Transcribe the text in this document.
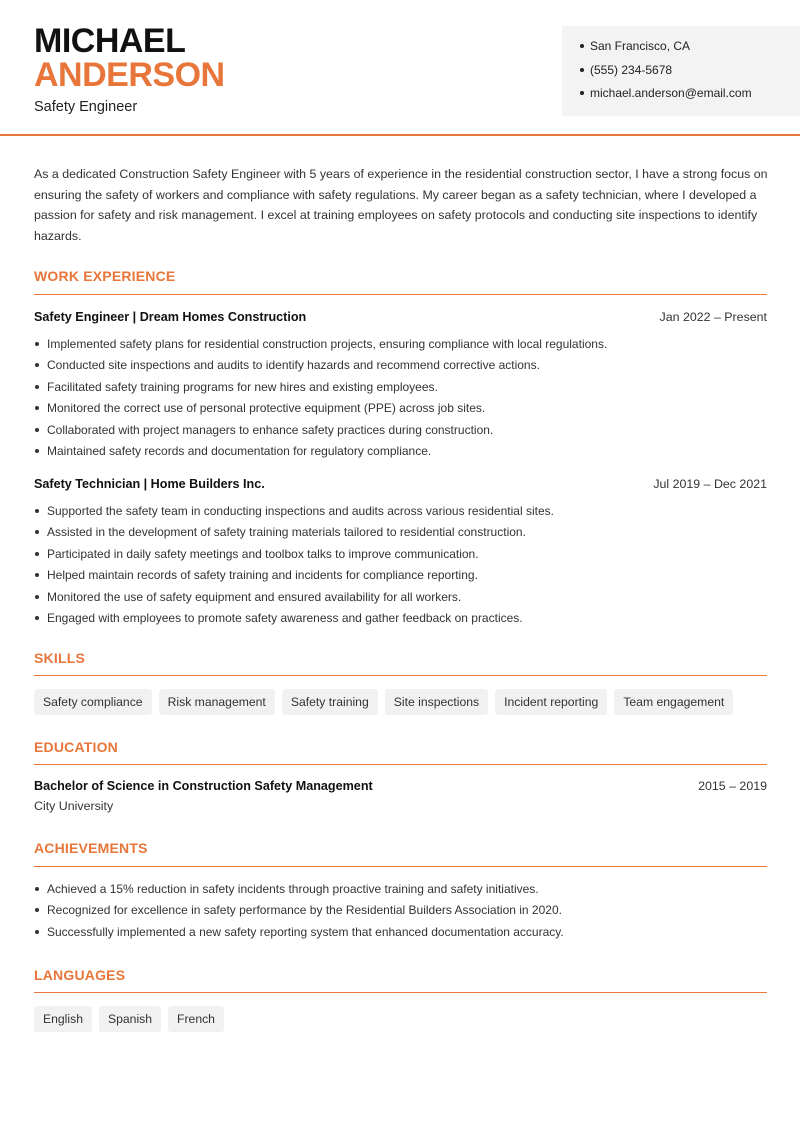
MICHAEL
ANDERSON
Safety Engineer
San Francisco, CA
(555) 234-5678
michael.anderson@email.com

As a dedicated Construction Safety Engineer with 5 years of experience in the residential construction sector, I have a strong focus on ensuring the safety of workers and compliance with safety regulations. My career began as a safety technician, where I developed a passion for safety and risk management. I excel at training employees on safety protocols and conducting site inspections to identify hazards.

WORK EXPERIENCE
Safety Engineer | Dream Homes Construction	Jan 2022 – Present
Implemented safety plans for residential construction projects, ensuring compliance with local regulations.
Conducted site inspections and audits to identify hazards and recommend corrective actions.
Facilitated safety training programs for new hires and existing employees.
Monitored the correct use of personal protective equipment (PPE) across job sites.
Collaborated with project managers to enhance safety practices during construction.
Maintained safety records and documentation for regulatory compliance.
Safety Technician | Home Builders Inc.	Jul 2019 – Dec 2021
Supported the safety team in conducting inspections and audits across various residential sites.
Assisted in the development of safety training materials tailored to residential construction.
Participated in daily safety meetings and toolbox talks to improve communication.
Helped maintain records of safety training and incidents for compliance reporting.
Monitored the use of safety equipment and ensured availability for all workers.
Engaged with employees to promote safety awareness and gather feedback on practices.
SKILLS
Safety compliance	Risk management	Safety training	Site inspections	Incident reporting	Team engagement
EDUCATION
Bachelor of Science in Construction Safety Management	2015 – 2019
City University
ACHIEVEMENTS
Achieved a 15% reduction in safety incidents through proactive training and safety initiatives.
Recognized for excellence in safety performance by the Residential Builders Association in 2020.
Successfully implemented a new safety reporting system that enhanced documentation accuracy.
LANGUAGES
English	Spanish	French
